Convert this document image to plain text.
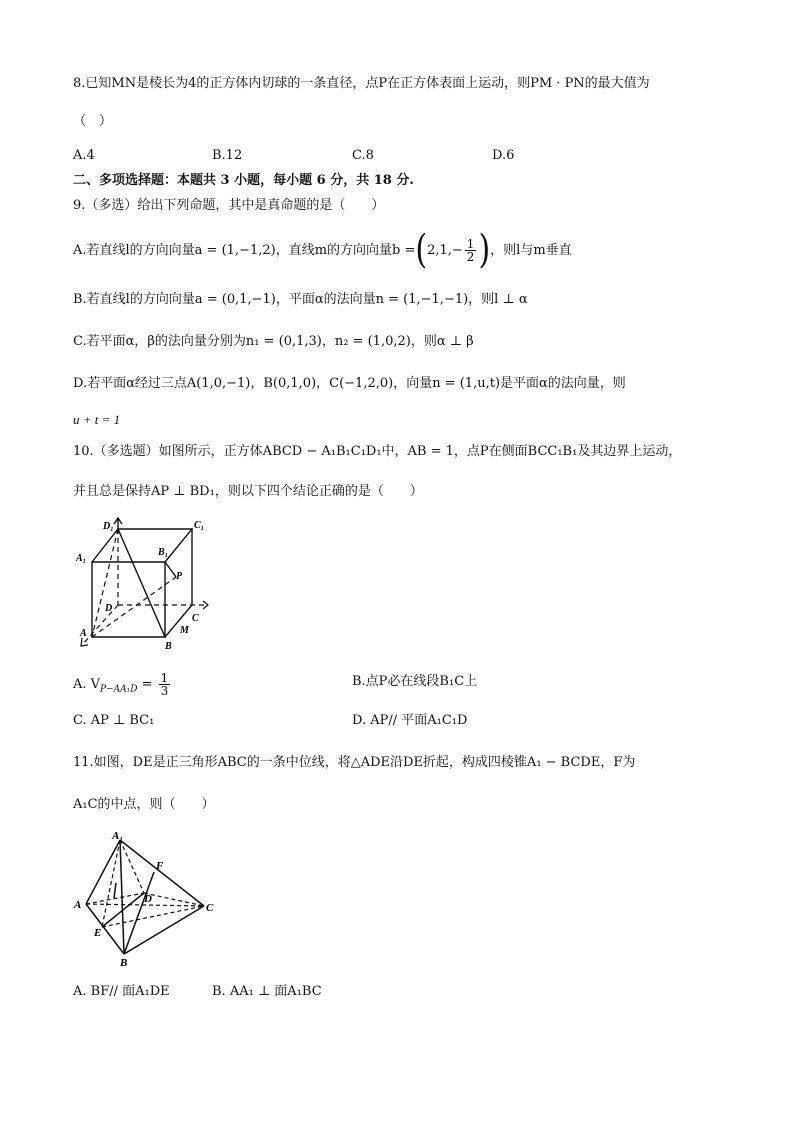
8.已知MN是棱长为4的正方体内切球的一条直径，点P在正方体表面上运动，则PM · PN的最大值为
（　）
A.4	B.12	C.8	D.6
二、多项选择题：本题共 3 小题，每小题 6 分，共 18 分.
9.（多选）给出下列命题，其中是真命题的是（　　）
A.若直线l的方向向量a = (1,−1,2)，直线m的方向向量$b =(2,1,- \frac{1}{2}$ )，则l与m垂直
B.若直线l的方向向量a = (0,1,−1)，平面α的法向量n = (1,−1,−1)，则l ⊥ α
C.若平面α，β的法向量分别为n₁ = (0,1,3)，n₂ = (1,0,2)，则α ⊥ β
D.若平面α经过三点A(1,0,−1)，B(0,1,0)，C(−1,2,0)，向量n = (1,u,t)是平面α的法向量，则
u + t = 1
10.（多选题）如图所示，正方体ABCD − A₁B₁C₁D₁中，AB = 1，点P在侧面BCC₁B₁及其边界上运动，
并且总是保持AP ⊥ BD₁，则以下四个结论正确的是（　　）
D₁	C₁
A₁
B₁
P
D
C
A
B
M
A. $V_{P-AA_1D} = \frac{1}{3}$	B.点P必在线段B₁C上
C. AP ⊥ BC₁	D. AP// 平面A₁C₁D
11.如图，DE是正三角形ABC的一条中位线，将△ADE沿DE折起，构成四棱锥A₁ − BCDE，F为
A₁C的中点，则（　　）
A₁
F
A	D
C
E
B
A. BF// 面A₁DE	B. AA₁ ⊥ 面A₁BC
